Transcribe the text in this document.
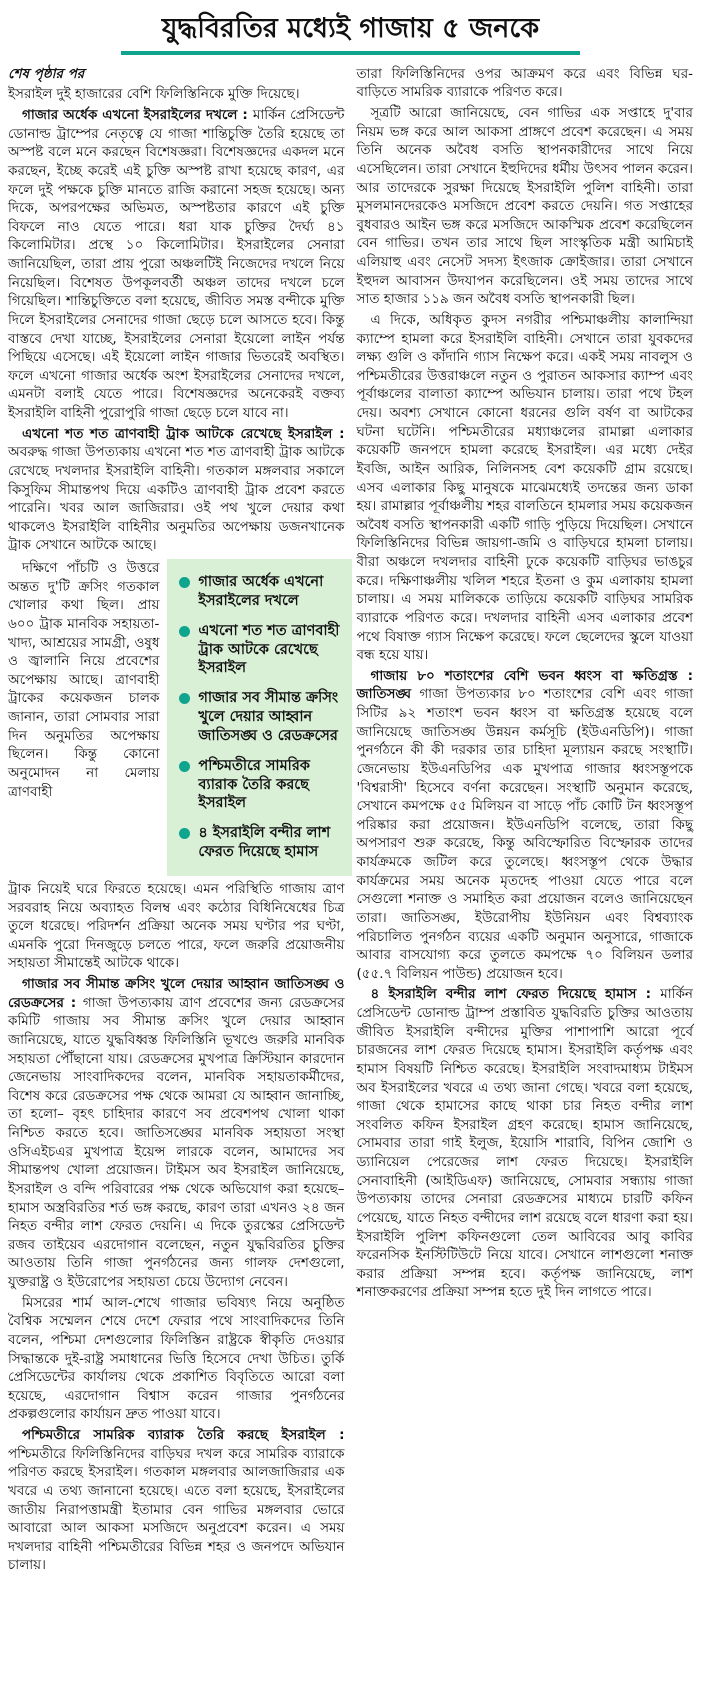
যুদ্ধবিরতির মধ্যেই গাজায় ৫ জনকে

শেষ পৃষ্ঠার পর

ইসরাইল দুই হাজারের বেশি ফিলিস্তিনিকে মুক্তি দিয়েছে।

গাজার অর্ধেক এখনো ইসরাইলের দখলে : মার্কিন প্রেসিডেন্ট ডোনাল্ড ট্রাম্পের নেতৃত্বে যে গাজা শান্তিচুক্তি তৈরি হয়েছে তা অস্পষ্ট বলে মনে করছেন বিশেষজ্ঞরা। বিশেষজ্ঞদের একদল মনে করছেন, ইচ্ছে করেই এই চুক্তি অস্পষ্ট রাখা হয়েছে কারণ, এর ফলে দুই পক্ষকে চুক্তি মানতে রাজি করানো সহজ হয়েছে। অন্য দিকে, অপরপক্ষের অভিমত, অস্পষ্টতার কারণে এই চুক্তি বিফলে নাও যেতে পারে। ধরা যাক চুক্তির দৈর্ঘ্য ৪১ কিলোমিটার। প্রস্থে ১০ কিলোমিটার। ইসরাইলের সেনারা জানিয়েছিল, তারা প্রায় পুরো অঞ্চলটিই নিজেদের দখলে নিয়ে নিয়েছিল। বিশেষত উপকূলবর্তী অঞ্চল তাদের দখলে চলে গিয়েছিল। শান্তিচুক্তিতে বলা হয়েছে, জীবিত সমস্ত বন্দীকে মুক্তি দিলে ইসরাইলের সেনাদের গাজা ছেড়ে চলে আসতে হবে। কিন্তু বাস্তবে দেখা যাচ্ছে, ইসরাইলের সেনারা ইয়েলো লাইন পর্যন্ত পিছিয়ে এসেছে। এই ইয়েলো লাইন গাজার ভিতরেই অবস্থিত। ফলে এখনো গাজার অর্ধেক অংশ ইসরাইলের সেনাদের দখলে, এমনটা বলাই যেতে পারে। বিশেষজ্ঞদের অনেকেরই বক্তব্য ইসরাইলি বাহিনী পুরোপুরি গাজা ছেড়ে চলে যাবে না।

এখনো শত শত ত্রাণবাহী ট্রাক আটকে রেখেছে ইসরাইল : অবরুদ্ধ গাজা উপত্যকায় এখনো শত শত ত্রাণবাহী ট্রাক আটকে রেখেছে দখলদার ইসরাইলি বাহিনী। গতকাল মঙ্গলবার সকালে কিসুফিম সীমান্তপথ দিয়ে একটিও ত্রাণবাহী ট্রাক প্রবেশ করতে পারেনি। খবর আল জাজিরার। ওই পথ খুলে দেয়ার কথা থাকলেও ইসরাইলি বাহিনীর অনুমতির অপেক্ষায় ডজনখানেক ট্রাক সেখানে আটকে আছে।

দক্ষিণে পাঁচটি ও উত্তরে অন্তত দু'টি ক্রসিং গতকাল খোলার কথা ছিল। প্রায় ৬০০ ট্রাক মানবিক সহায়তা- খাদ্য, আশ্রয়ের সামগ্রী, ওষুধ ও জ্বালানি নিয়ে প্রবেশের অপেক্ষায় আছে। ত্রাণবাহী ট্রাকের কয়েকজন চালক জানান, তারা সোমবার সারা দিন অনুমতির অপেক্ষায় ছিলেন। কিন্তু কোনো অনুমোদন না মেলায় ত্রাণবাহী

গাজার অর্ধেক এখনো ইসরাইলের দখলে
এখনো শত শত ত্রাণবাহী ট্রাক আটকে রেখেছে ইসরাইল
গাজার সব সীমান্ত ক্রসিং খুলে দেয়ার আহ্বান জাতিসঙ্ঘ ও রেডক্রসের
পশ্চিমতীরে সামরিক ব্যারাক তৈরি করছে ইসরাইল
৪ ইসরাইলি বন্দীর লাশ ফেরত দিয়েছে হামাস

ট্রাক নিয়েই ঘরে ফিরতে হয়েছে। এমন পরিস্থিতি গাজায় ত্রাণ সরবরাহ নিয়ে অব্যাহত বিলম্ব এবং কঠোর বিধিনিষেধের চিত্র তুলে ধরেছে। পরিদর্শন প্রক্রিয়া অনেক সময় ঘণ্টার পর ঘণ্টা, এমনকি পুরো দিনজুড়ে চলতে পারে, ফলে জরুরি প্রয়োজনীয় সহায়তা সীমান্তেই আটকে থাকে।

গাজার সব সীমান্ত ক্রসিং খুলে দেয়ার আহ্বান জাতিসঙ্ঘ ও রেডক্রসের : গাজা উপত্যকায় ত্রাণ প্রবেশের জন্য রেডক্রসের কমিটি গাজায় সব সীমান্ত ক্রসিং খুলে দেয়ার আহ্বান জানিয়েছে, যাতে যুদ্ধবিধ্বস্ত ফিলিস্তিনি ভূখণ্ডে জরুরি মানবিক সহায়তা পৌঁছানো যায়। রেডক্রসের মুখপাত্র ক্রিস্টিয়ান কারদোন জেনেভায় সাংবাদিকদের বলেন, মানবিক সহায়তাকর্মীদের, বিশেষ করে রেডক্রসের পক্ষ থেকে আমরা যে আহ্বান জানাচ্ছি, তা হলো– বৃহৎ চাহিদার কারণে সব প্রবেশপথ খোলা থাকা নিশ্চিত করতে হবে। জাতিসঙ্ঘের মানবিক সহায়তা সংস্থা ওসিএইচএর মুখপাত্র ইয়েন্স লারকে বলেন, আমাদের সব সীমান্তপথ খোলা প্রয়োজন। টাইমস অব ইসরাইল জানিয়েছে, ইসরাইল ও বন্দি পরিবারের পক্ষ থেকে অভিযোগ করা হয়েছে–হামাস অস্ত্রবিরতির শর্ত ভঙ্গ করছে, কারণ তারা এখনও ২৪ জন নিহত বন্দীর লাশ ফেরত দেয়নি। এ দিকে তুরস্কের প্রেসিডেন্ট রজব তাইয়েব এরদোগান বলেছেন, নতুন যুদ্ধবিরতির চুক্তির আওতায় তিনি গাজা পুনর্গঠনের জন্য গালফ দেশগুলো, যুক্তরাষ্ট্র ও ইউরোপের সহায়তা চেয়ে উদ্যোগ নেবেন।

মিসরের শার্ম আল-শেখে গাজার ভবিষ্যৎ নিয়ে অনুষ্ঠিত বৈশ্বিক সম্মেলন শেষে দেশে ফেরার পথে সাংবাদিকদের তিনি বলেন, পশ্চিমা দেশগুলোর ফিলিস্তিন রাষ্ট্রকে স্বীকৃতি দেওয়ার সিদ্ধান্তকে দুই-রাষ্ট্র সমাধানের ভিত্তি হিসেবে দেখা উচিত। তুর্কি প্রেসিডেন্টের কার্যালয় থেকে প্রকাশিত বিবৃতিতে আরো বলা হয়েছে, এরদোগান বিশ্বাস করেন গাজার পুনর্গঠনের প্রকল্পগুলোর কার্যায়ন দ্রুত পাওয়া যাবে।

পশ্চিমতীরে সামরিক ব্যারাক তৈরি করছে ইসরাইল : পশ্চিমতীরে ফিলিস্তিনিদের বাড়িঘর দখল করে সামরিক ব্যারাকে পরিণত করছে ইসরাইল। গতকাল মঙ্গলবার আলজাজিরার এক খবরে এ তথ্য জানানো হয়েছে। এতে বলা হয়েছে, ইসরাইলের জাতীয় নিরাপত্তামন্ত্রী ইতামার বেন গাভির মঙ্গলবার ভোরে আবারো আল আকসা মসজিদে অনুপ্রবেশ করেন। এ সময় দখলদার বাহিনী পশ্চিমতীরের বিভিন্ন শহর ও জনপদে অভিযান চালায়।

তারা ফিলিস্তিনিদের ওপর আক্রমণ করে এবং বিভিন্ন ঘর-বাড়িতে সামরিক ব্যারাকে পরিণত করে।

সূত্রটি আরো জানিয়েছে, বেন গাভির এক সপ্তাহে দু'বার নিয়ম ভঙ্গ করে আল আকসা প্রাঙ্গণে প্রবেশ করেছেন। এ সময় তিনি অনেক অবৈধ বসতি স্থাপনকারীদের সাথে নিয়ে এসেছিলেন। তারা সেখানে ইহুদিদের ধর্মীয় উৎসব পালন করেন। আর তাদেরকে সুরক্ষা দিয়েছে ইসরাইলি পুলিশ বাহিনী। তারা মুসলমানদেরকেও মসজিদে প্রবেশ করতে দেয়নি। গত সপ্তাহের বুধবারও আইন ভঙ্গ করে মসজিদে আকস্মিক প্রবেশ করেছিলেন বেন গাভির। তখন তার সাথে ছিল সাংস্কৃতিক মন্ত্রী আমিচাই এলিয়াহু এবং নেসেট সদস্য ইৎজাক ক্রোইজার। তারা সেখানে ইহুদল আবাসন উদযাপন করেছিলেন। ওই সময় তাদের সাথে সাত হাজার ১১৯ জন অবৈধ বসতি স্থাপনকারী ছিল।

এ দিকে, অধিকৃত কুদস নগরীর পশ্চিমাঞ্চলীয় কালান্দিয়া ক্যাম্পে হামলা করে ইসরাইলি বাহিনী। সেখানে তারা যুবকদের লক্ষ্য গুলি ও কাঁদানি গ্যাস নিক্ষেপ করে। একই সময় নাবলুস ও পশ্চিমতীরের উত্তরাঞ্চলে নতুন ও পুরাতন আকসার ক্যাম্প এবং পূর্বাঞ্চলের বালাতা ক্যাম্পে অভিযান চালায়। তারা পথে টহল দেয়। অবশ্য সেখানে কোনো ধরনের গুলি বর্ষণ বা আটকের ঘটনা ঘটেনি। পশ্চিমতীরের মধ্যাঞ্চলের রামাল্লা এলাকার কয়েকটি জনপদে হামলা করেছে ইসরাইল। এর মধ্যে দেইর ইবজি, আইন আরিক, নিলিনসহ বেশ কয়েকটি গ্রাম রয়েছে। এসব এলাকার কিছু মানুষকে মাঝেমধ্যেই তদন্তের জন্য ডাকা হয়। রামাল্লার পূর্বাঞ্চলীয় শহর বালতিনে হামলার সময় কয়েকজন অবৈধ বসতি স্থাপনকারী একটি গাড়ি পুড়িয়ে দিয়েছিল। সেখানে ফিলিস্তিনিদের বিভিন্ন জায়গা-জমি ও বাড়িঘরে হামলা চালায়। বীরা অঞ্চলে দখলদার বাহিনী ঢুকে কয়েকটি বাড়িঘর ভাঙচুর করে। দক্ষিণাঞ্চলীয় খলিল শহরে ইতনা ও কুম এলাকায় হামলা চালায়। এ সময় মালিককে তাড়িয়ে কয়েকটি বাড়িঘর সামরিক ব্যারাকে পরিণত করে। দখলদার বাহিনী এসব এলাকার প্রবেশ পথে বিষাক্ত গ্যাস নিক্ষেপ করেছে। ফলে ছেলেদের স্কুলে যাওয়া বন্ধ হয়ে যায়।

গাজায় ৮০ শতাংশের বেশি ভবন ধ্বংস বা ক্ষতিগ্রস্ত : জাতিসঙ্ঘ গাজা উপত্যকার ৮০ শতাংশের বেশি এবং গাজা সিটির ৯২ শতাংশ ভবন ধ্বংস বা ক্ষতিগ্রস্ত হয়েছে বলে জানিয়েছে জাতিসঙ্ঘ উন্নয়ন কর্মসূচি (ইউএনডিপি)। গাজা পুনর্গঠনে কী কী দরকার তার চাহিদা মূল্যায়ন করছে সংস্থাটি। জেনেভায় ইউএনডিপির এক মুখপাত্র গাজার ধ্বংসস্তূপকে 'বিশ্বরাসী' হিসেবে বর্ণনা করেছেন। সংস্থাটি অনুমান করেছে, সেখানে কমপক্ষে ৫৫ মিলিয়ন বা সাড়ে পাঁচ কোটি টন ধ্বংসস্তূপ পরিষ্কার করা প্রয়োজন। ইউএনডিপি বলেছে, তারা কিছু অপসারণ শুরু করেছে, কিন্তু অবিস্ফোরিত বিস্ফোরক তাদের কার্যক্রমকে জটিল করে তুলেছে। ধ্বংসস্তূপ থেকে উদ্ধার কার্যক্রমের সময় অনেক মৃতদেহ পাওয়া যেতে পারে বলে সেগুলো শনাক্ত ও সমাহিত করা প্রয়োজন বলেও জানিয়েছেন তারা। জাতিসঙ্ঘ, ইউরোপীয় ইউনিয়ন এবং বিশ্বব্যাংক পরিচালিত পুনর্গঠন ব্যয়ের একটি অনুমান অনুসারে, গাজাকে আবার বাসযোগ্য করে তুলতে কমপক্ষে ৭০ বিলিয়ন ডলার (৫৫.৭ বিলিয়ন পাউন্ড) প্রয়োজন হবে।

৪ ইসরাইলি বন্দীর লাশ ফেরত দিয়েছে হামাস : মার্কিন প্রেসিডেন্ট ডোনাল্ড ট্রাম্প প্রস্তাবিত যুদ্ধবিরতি চুক্তির আওতায় জীবিত ইসরাইলি বন্দীদের মুক্তির পাশাপাশি আরো পূর্বে চারজনের লাশ ফেরত দিয়েছে হামাস। ইসরাইলি কর্তৃপক্ষ এবং হামাস বিষয়টি নিশ্চিত করেছে। ইসরাইলি সংবাদমাধ্যম টাইমস অব ইসরাইলের খবরে এ তথ্য জানা গেছে। খবরে বলা হয়েছে, গাজা থেকে হামাসের কাছে থাকা চার নিহত বন্দীর লাশ সংবলিত কফিন ইসরাইল গ্রহণ করেছে। হামাস জানিয়েছে, সোমবার তারা গাই ইলুজ, ইয়োসি শারাবি, বিপিন জোশি ও ড্যানিয়েল পেরেজের লাশ ফেরত দিয়েছে। ইসরাইলি সেনাবাহিনী (আইডিএফ) জানিয়েছে, সোমবার সন্ধ্যায় গাজা উপত্যকায় তাদের সেনারা রেডক্রসের মাধ্যমে চারটি কফিন পেয়েছে, যাতে নিহত বন্দীদের লাশ রয়েছে বলে ধারণা করা হয়। ইসরাইলি পুলিশ কফিনগুলো তেল আবিবের আবু কাবির ফরেনসিক ইনস্টিটিউটে নিয়ে যাবে। সেখানে লাশগুলো শনাক্ত করার প্রক্রিয়া সম্পন্ন হবে। কর্তৃপক্ষ জানিয়েছে, লাশ শনাক্তকরণের প্রক্রিয়া সম্পন্ন হতে দুই দিন লাগতে পারে।
